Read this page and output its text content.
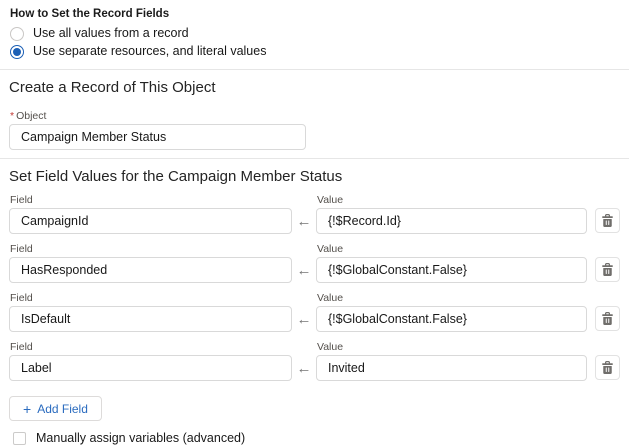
How to Set the Record Fields
Use all values from a record
Use separate resources, and literal values
Create a Record of This Object
* Object
Campaign Member Status
Set Field Values for the Campaign Member Status
Field
CampaignId
←
Value
{!$Record.Id}
Field
HasResponded
←
Value
{!$GlobalConstant.False}
Field
IsDefault
←
Value
{!$GlobalConstant.False}
Field
Label
←
Value
Invited
+ Add Field
Manually assign variables (advanced)
